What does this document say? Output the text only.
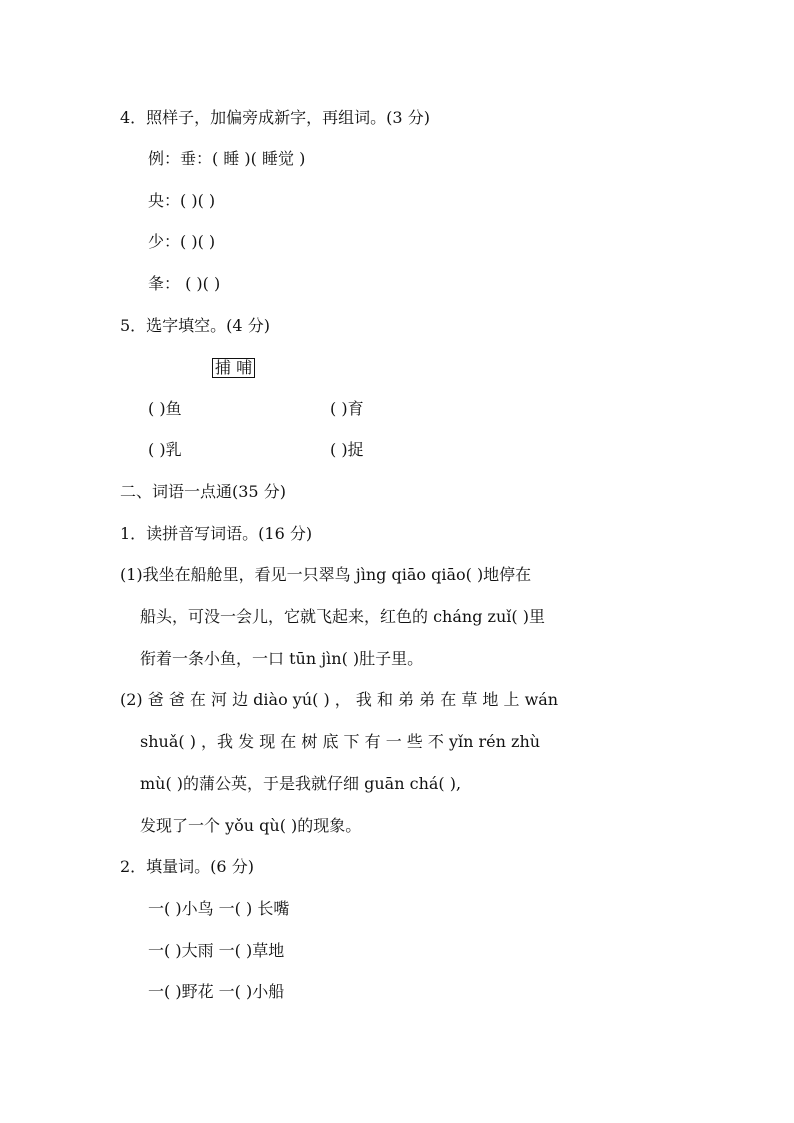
4．照样子，加偏旁成新字，再组词。(3 分)
例：垂：( 睡 )( 睡觉 )
央：( )( )
少：( )( )
夆： ( )( )
5．选字填空。(4 分)
捕 哺
( )鱼	( )育
( )乳	( )捉
二、词语一点通(35 分)
1．读拼音写词语。(16 分)
(1)我坐在船舱里，看见一只翠鸟 jìng qiāo qiāo( )地停在
船头，可没一会儿，它就飞起来，红色的 cháng zuǐ( )里
衔着一条小鱼，一口 tūn jìn( )肚子里。
(2) 爸 爸 在 河 边 diào yú( ) ， 我 和 弟 弟 在 草 地 上 wán
shuǎ( ) ，我 发 现 在 树 底 下 有 一 些 不 yǐn rén zhù
mù( )的蒲公英，于是我就仔细 guān chá( ),
发现了一个 yǒu qù( )的现象。
2．填量词。(6 分)
一( )小鸟 一( ) 长嘴
一( )大雨 一( )草地
一( )野花 一( )小船
